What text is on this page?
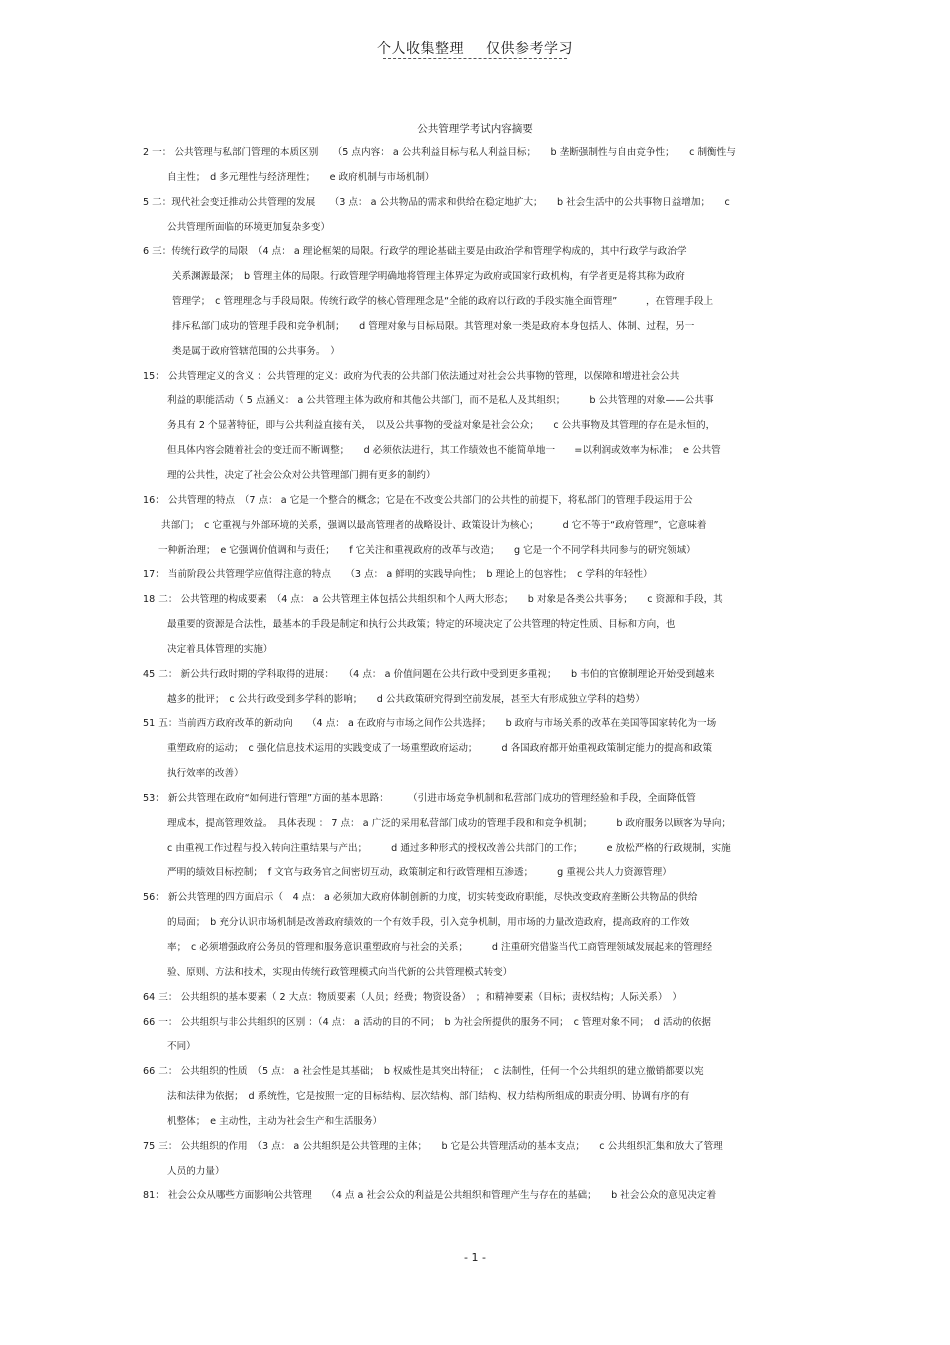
个人收集整理 仅供参考学习
公共管理学考试内容摘要
2 一： 公共管理与私部门管理的本质区别　　（5 点内容： a 公共利益目标与私人利益目标；　　b 垄断强制性与自由竞争性；　　c 制衡性与
自主性；　d 多元理性与经济理性；　　e 政府机制与市场机制）
5 二：现代社会变迁推动公共管理的发展　　（3 点： a 公共物品的需求和供给在稳定地扩大；　　b 社会生活中的公共事物日益增加；　　c
公共管理所面临的环境更加复杂多变）
6 三：传统行政学的局限　（4 点： a 理论框架的局限。行政学的理论基础主要是由政治学和管理学构成的，其中行政学与政治学
关系渊源最深；　b 管理主体的局限。行政管理学明确地将管理主体界定为政府或国家行政机构，有学者更是将其称为政府
管理学；　c 管理理念与手段局限。传统行政学的核心管理理念是“全能的政府以行政的手段实施全面管理”　　　，在管理手段上
排斥私部门成功的管理手段和竞争机制；　　d 管理对象与目标局限。其管理对象一类是政府本身包括人、体制、过程，另一
类是属于政府管辖范围的公共事务。　）
15： 公共管理定义的含义 ：公共管理的定义：政府为代表的公共部门依法通过对社会公共事物的管理，以保障和增进社会公共
利益的职能活动（ 5 点涵义： a 公共管理主体为政府和其他公共部门，而不是私人及其组织；　　　b 公共管理的对象——公共事
务具有 2 个显著特征，即与公共利益直接有关，　以及公共事物的受益对象是社会公众；　　c 公共事物及其管理的存在是永恒的，
但具体内容会随着社会的变迁而不断调整；　　d 必须依法进行，其工作绩效也不能简单地一　　=以利润或效率为标准；　e 公共管
理的公共性，决定了社会公众对公共管理部门拥有更多的制约）
16： 公共管理的特点　（7 点： a 它是一个整合的概念；它是在不改变公共部门的公共性的前提下，将私部门的管理手段运用于公
共部门；　c 它重视与外部环境的关系，强调以最高管理者的战略设计、政策设计为核心；　　　d 它不等于“政府管理”，它意味着
一种新治理；　e 它强调价值调和与责任；　　f 它关注和重视政府的改革与改造；　　g 它是一个不同学科共同参与的研究领域）
17： 当前阶段公共管理学应值得注意的特点　　（3 点： a 鲜明的实践导向性；　b 理论上的包容性；　c 学科的年轻性）
18 二： 公共管理的构成要素　（4 点： a 公共管理主体包括公共组织和个人两大形态；　　b 对象是各类公共事务；　　c 资源和手段，其
最重要的资源是合法性，最基本的手段是制定和执行公共政策；特定的环境决定了公共管理的特定性质、目标和方向，也
决定着具体管理的实施）
45 二： 新公共行政时期的学科取得的进展：　　（4 点： a 价值问题在公共行政中受到更多重视；　　b 韦伯的官僚制理论开始受到越来
越多的批评；　c 公共行政受到多学科的影响；　　d 公共政策研究得到空前发展，甚至大有形成独立学科的趋势）
51 五：当前西方政府改革的新动向　　（4 点： a 在政府与市场之间作公共选择；　　b 政府与市场关系的改革在美国等国家转化为一场
重塑政府的运动；　c 强化信息技术运用的实践变成了一场重塑政府运动；　　　d 各国政府都开始重视政策制定能力的提高和政策
执行效率的改善）
53： 新公共管理在政府“如何进行管理”方面的基本思路：　　　（引进市场竞争机制和私营部门成功的管理经验和手段，全面降低管
理成本，提高管理效益。　具体表现 ： 7 点： a 广泛的采用私营部门成功的管理手段和和竞争机制；　　　b 政府服务以顾客为导向；
c 由重视工作过程与投入转向注重结果与产出；　　　d 通过多种形式的授权改善公共部门的工作；　　　e 放松严格的行政规制，实施
严明的绩效目标控制；　f 文官与政务官之间密切互动，政策制定和行政管理相互渗透；　　　g 重视公共人力资源管理）
56： 新公共管理的四方面启示（　4 点： a 必须加大政府体制创新的力度，切实转变政府职能，尽快改变政府垄断公共物品的供给
的局面；　b 充分认识市场机制是改善政府绩效的一个有效手段，引入竞争机制，用市场的力量改造政府，提高政府的工作效
率；　c 必须增强政府公务员的管理和服务意识重塑政府与社会的关系；　　　d 注重研究借鉴当代工商管理领域发展起来的管理经
验、原则、方法和技术，实现由传统行政管理模式向当代新的公共管理模式转变）
64 三： 公共组织的基本要素（ 2 大点：物质要素（人员；经费；物资设备）　；和精神要素（目标；责权结构；人际关系）　）
66 一： 公共组织与非公共组织的区别 ：（4 点： a 活动的目的不同；　b 为社会所提供的服务不同；　c 管理对象不同；　d 活动的依据
不同）
66 二： 公共组织的性质　（5 点： a 社会性是其基础；　b 权威性是其突出特征；　c 法制性，任何一个公共组织的建立撤销都要以宪
法和法律为依据；　d 系统性，它是按照一定的目标结构、层次结构、部门结构、权力结构所组成的职责分明、协调有序的有
机整体；　e 主动性，主动为社会生产和生活服务）
75 三： 公共组织的作用　（3 点： a 公共组织是公共管理的主体；　　b 它是公共管理活动的基本支点；　　c 公共组织汇集和放大了管理
人员的力量）
81： 社会公众从哪些方面影响公共管理　　（4 点 a 社会公众的利益是公共组织和管理产生与存在的基础；　　b 社会公众的意见决定着
- 1 -
